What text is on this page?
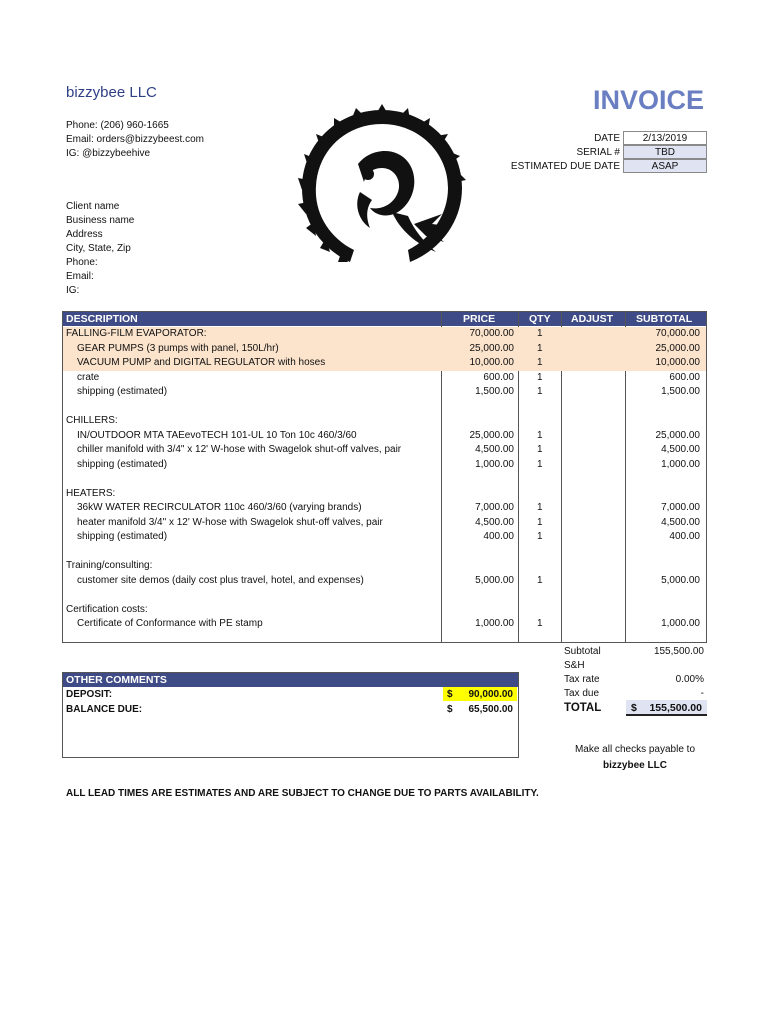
bizzybee LLC
Phone: (206) 960-1665
Email: orders@bizzybeest.com
IG: @bizzybeehive
INVOICE
DATE	2/13/2019
SERIAL #	TBD
ESTIMATED DUE DATE	ASAP
Client name
Business name
Address
City, State, Zip
Phone:
Email:
IG:
DESCRIPTION	PRICE	QTY ADJUST SUBTOTAL
FALLING-FILM EVAPORATOR:	70,000.00 1	70,000.00
GEAR PUMPS (3 pumps with panel, 150L/hr)	25,000.00 1	25,000.00
VACUUM PUMP and DIGITAL REGULATOR with hoses	10,000.00 1	10,000.00
crate	600.00 1	600.00
shipping (estimated)	1,500.00 1	1,500.00
CHILLERS:
IN/OUTDOOR MTA TAEevoTECH 101-UL 10 Ton 10c 460/3/60	25,000.00 1	25,000.00
chiller manifold with 3/4" x 12' W-hose with Swagelok shut-off valves, pair	4,500.00 1	4,500.00
shipping (estimated)	1,000.00 1	1,000.00
HEATERS:
36kW WATER RECIRCULATOR 110c 460/3/60 (varying brands)	7,000.00 1	7,000.00
heater manifold 3/4" x 12' W-hose with Swagelok shut-off valves, pair	4,500.00 1	4,500.00
shipping (estimated)	400.00 1	400.00
Training/consulting:
customer site demos (daily cost plus travel, hotel, and expenses)	5,000.00 1	5,000.00
Certification costs:
Certificate of Conformance with PE stamp	1,000.00 1	1,000.00
Subtotal	155,500.00
S&H
Tax rate	0.00%
Tax due	-
TOTAL	$ 155,500.00
OTHER COMMENTS
DEPOSIT:	$ 90,000.00
BALANCE DUE:	$ 65,500.00
Make all checks payable to
bizzybee LLC
ALL LEAD TIMES ARE ESTIMATES AND ARE SUBJECT TO CHANGE DUE TO PARTS AVAILABILITY.
